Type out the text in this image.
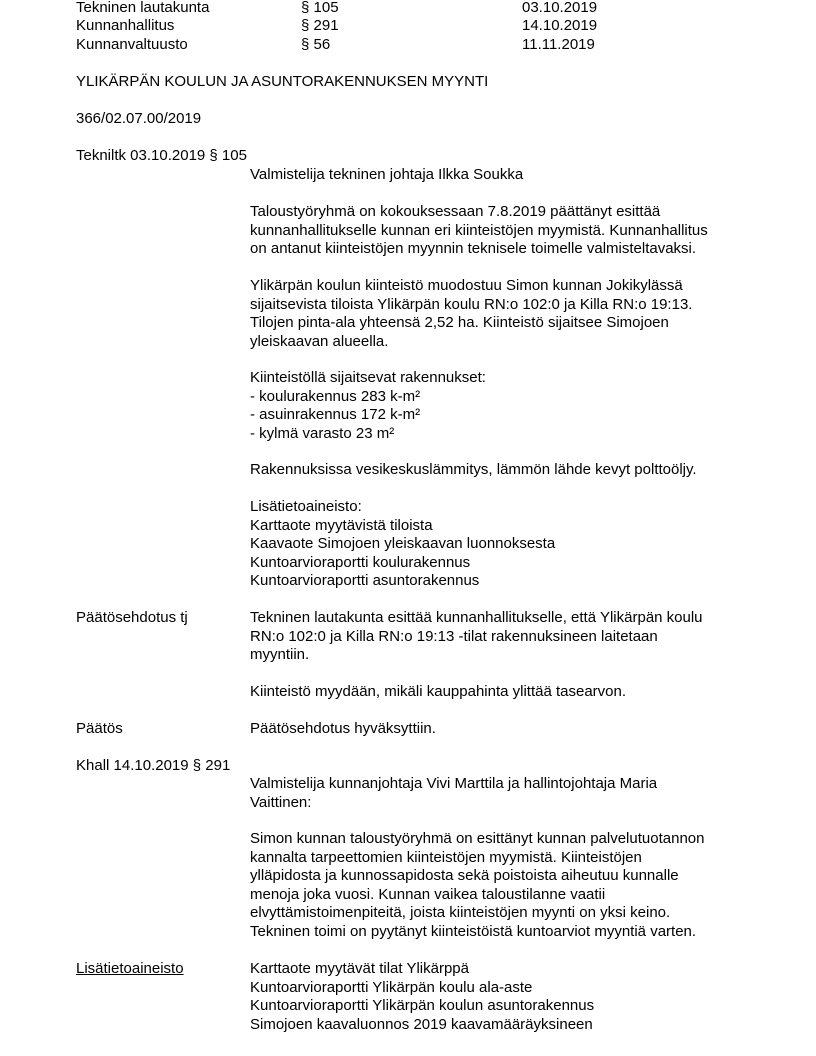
Tekninen lautakunta	§ 105	03.10.2019
Kunnanhallitus	§ 291	14.10.2019
Kunnanvaltuusto	§ 56	11.11.2019
YLIKÄRPÄN KOULUN JA ASUNTORAKENNUKSEN MYYNTI
366/02.07.00/2019
Tekniltk 03.10.2019 § 105
Valmistelija tekninen johtaja Ilkka Soukka
Taloustyöryhmä on kokouksessaan 7.8.2019 päättänyt esittää
kunnanhallitukselle kunnan eri kiinteistöjen myymistä. Kunnanhallitus
on antanut kiinteistöjen myynnin teknisele toimelle valmisteltavaksi.
Ylikärpän koulun kiinteistö muodostuu Simon kunnan Jokikylässä
sijaitsevista tiloista Ylikärpän koulu RN:o 102:0 ja Killa RN:o 19:13.
Tilojen pinta-ala yhteensä 2,52 ha. Kiinteistö sijaitsee Simojoen
yleiskaavan alueella.
Kiinteistöllä sijaitsevat rakennukset:
- koulurakennus 283 k-m²
- asuinrakennus 172 k-m²
- kylmä varasto 23 m²
Rakennuksissa vesikeskuslämmitys, lämmön lähde kevyt polttoöljy.
Lisätietoaineisto:
Karttaote myytävistä tiloista
Kaavaote Simojoen yleiskaavan luonnoksesta
Kuntoarvioraportti koulurakennus
Kuntoarvioraportti asuntorakennus
Päätösehdotus tj	Tekninen lautakunta esittää kunnanhallitukselle, että Ylikärpän koulu
RN:o 102:0 ja Killa RN:o 19:13 -tilat rakennuksineen laitetaan
myyntiin.
Kiinteistö myydään, mikäli kauppahinta ylittää tasearvon.
Päätös	Päätösehdotus hyväksyttiin.
Khall 14.10.2019 § 291
Valmistelija kunnanjohtaja Vivi Marttila ja hallintojohtaja Maria
Vaittinen:
Simon kunnan taloustyöryhmä on esittänyt kunnan palvelutuotannon
kannalta tarpeettomien kiinteistöjen myymistä. Kiinteistöjen
ylläpidosta ja kunnossapidosta sekä poistoista aiheutuu kunnalle
menoja joka vuosi. Kunnan vaikea taloustilanne vaatii
elvyttämistoimenpiteitä, joista kiinteistöjen myynti on yksi keino.
Tekninen toimi on pyytänyt kiinteistöistä kuntoarviot myyntiä varten.
Lisätietoaineisto	Karttaote myytävät tilat Ylikärppä
Kuntoarvioraportti Ylikärpän koulu ala-aste
Kuntoarvioraportti Ylikärpän koulun asuntorakennus
Simojoen kaavaluonnos 2019 kaavamääräyksineen
